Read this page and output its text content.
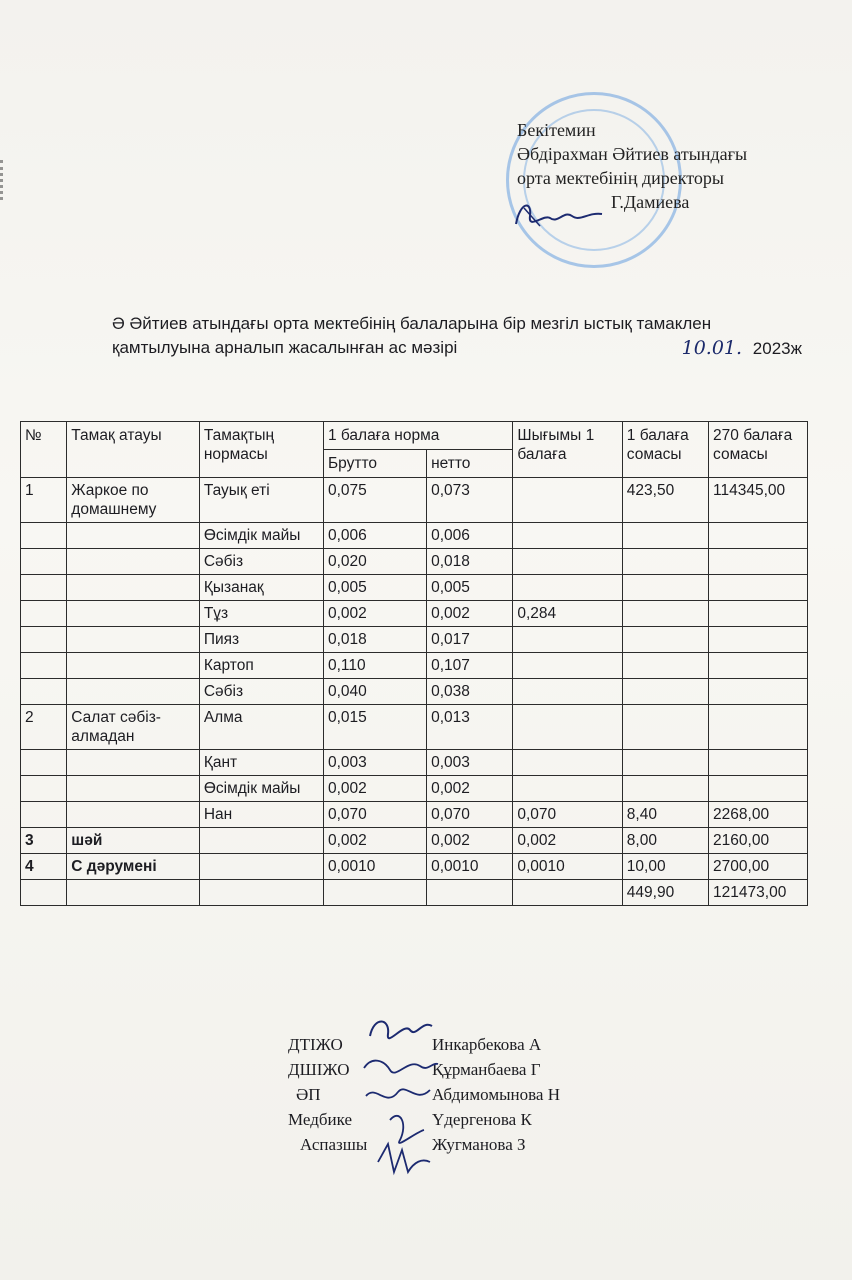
Бекітемин
Әбдірахман Әйтиев атындағы
орта мектебінің директоры
Г.Дамиева
Ә Әйтиев атындағы орта мектебінің балаларына бір мезгіл ыстық тамаклен
қамтылуына арналып жасалынған ас мәзірі	10.01. 2023ж
№	Тамақ атауы	Тамақтың нормасы	1 балаға норма		Шығымы 1 балаға	1 балаға сомасы	270 балаға сомасы
			Брутто	нетто			
1	Жаркое по домашнему	Тауық еті	0,075	0,073		423,50	114345,00
		Өсімдік майы	0,006	0,006			
		Сәбіз	0,020	0,018			
		Қызанақ	0,005	0,005			
		Тұз	0,002	0,002	0,284		
		Пияз	0,018	0,017			
		Картоп	0,110	0,107			
		Сәбіз	0,040	0,038			
2	Салат сәбіз-алмадан	Алма	0,015	0,013			
		Қант	0,003	0,003			
		Өсімдік майы	0,002	0,002			
		Нан	0,070	0,070	0,070	8,40	2268,00
3	шәй		0,002	0,002	0,002	8,00	2160,00
4	С дәрумені		0,0010	0,0010	0,0010	10,00	2700,00
						449,90	121473,00
ДТІЖО	Инкарбекова А
ДШІЖО	Құрманбаева Г
ӘП	Абдимомынова Н
Медбике	Үдергенова К
Аспазшы	Жугманова З
